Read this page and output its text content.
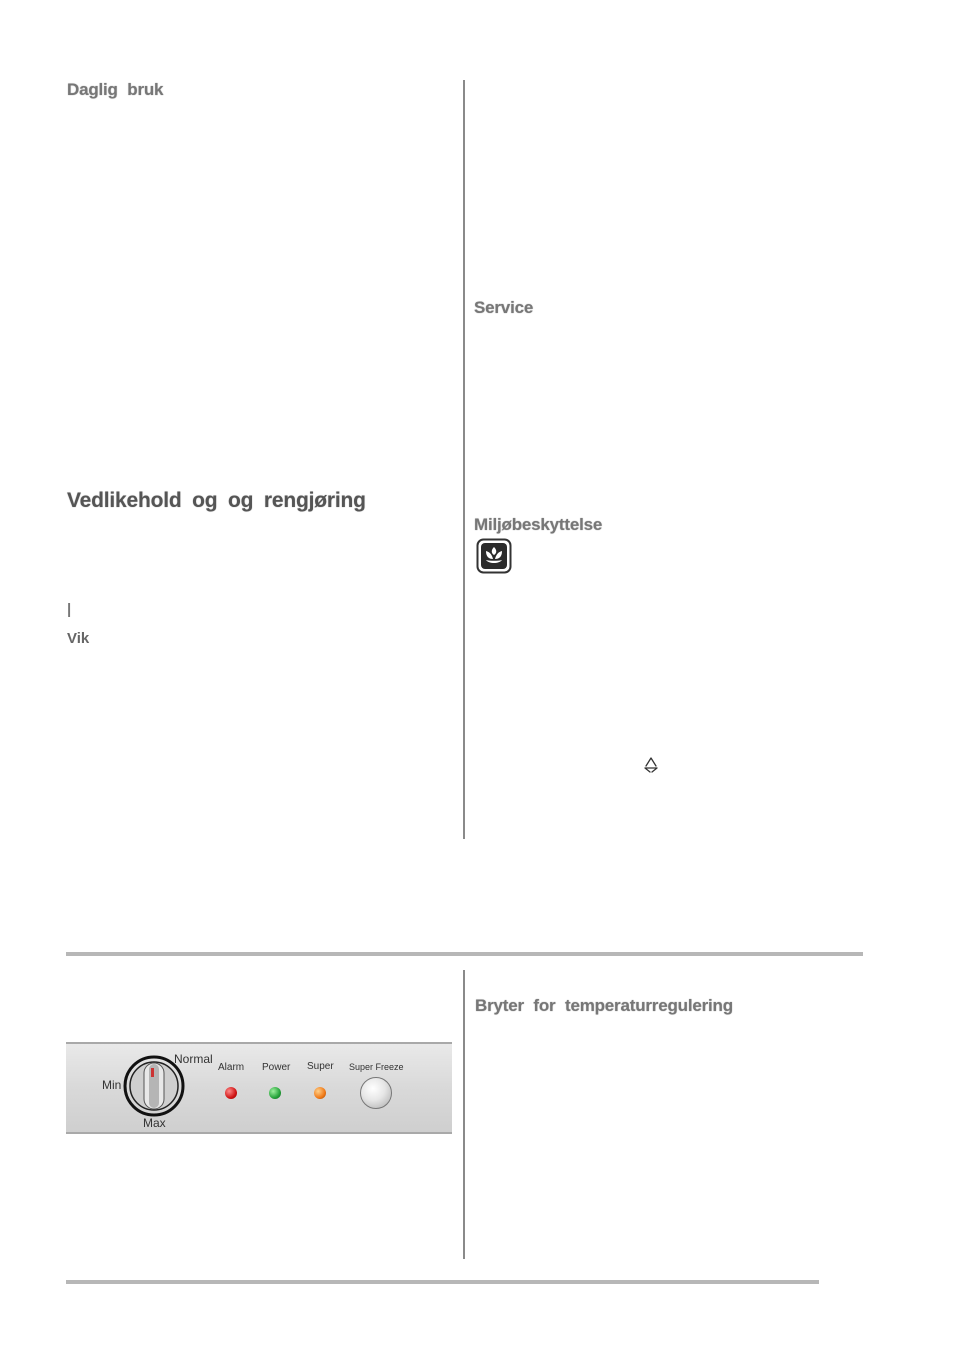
Daglig bruk
Service
Vedlikehold og og rengjøring
Miljøbeskyttelse
|
Vik
Bryter for temperaturregulering
Min
Normal
Max
Alarm Power Super Super Freeze
